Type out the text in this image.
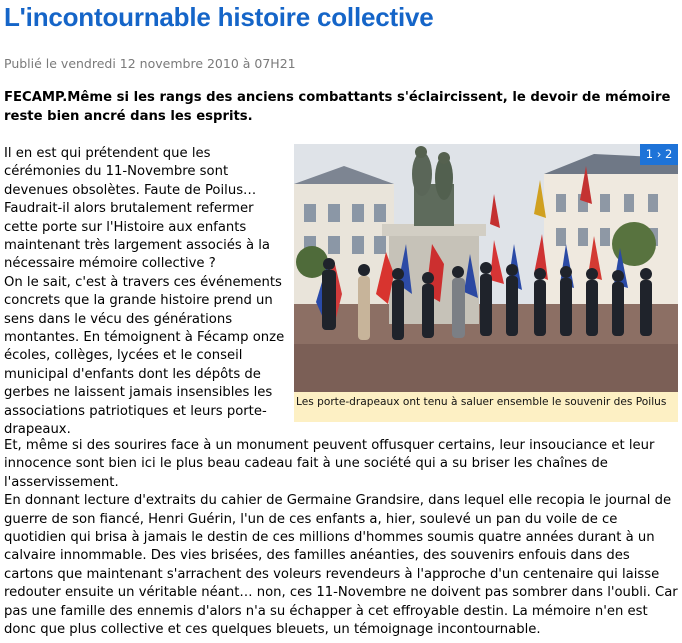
L'incontournable histoire collective
Publié le vendredi 12 novembre 2010 à 07H21

FECAMP.Même si les rangs des anciens combattants s'éclaircissent, le devoir de mémoire reste bien ancré dans les esprits.

Il en est qui prétendent que les cérémonies du 11-Novembre sont devenues obsolètes. Faute de Poilus… Faudrait-il alors brutalement refermer cette porte sur l'Histoire aux enfants maintenant très largement associés à la nécessaire mémoire collective ?
On le sait, c'est à travers ces événements concrets que la grande histoire prend un sens dans le vécu des générations montantes. En témoignent à Fécamp onze écoles, collèges, lycées et le conseil municipal d'enfants dont les dépôts de gerbes ne laissent jamais insensibles les associations patriotiques et leurs porte-drapeaux.
1 › 2
Les porte-drapeaux ont tenu à saluer ensemble le souvenir des Poilus
Et, même si des sourires face à un monument peuvent offusquer certains, leur insouciance et leur innocence sont bien ici le plus beau cadeau fait à une société qui a su briser les chaînes de l'asservissement.
En donnant lecture d'extraits du cahier de Germaine Grandsire, dans lequel elle recopia le journal de guerre de son fiancé, Henri Guérin, l'un de ces enfants a, hier, soulevé un pan du voile de ce quotidien qui brisa à jamais le destin de ces millions d'hommes soumis quatre années durant à un calvaire innommable. Des vies brisées, des familles anéanties, des souvenirs enfouis dans des cartons que maintenant s'arrachent des voleurs revendeurs à l'approche d'un centenaire qui laisse redouter ensuite un véritable néant… non, ces 11-Novembre ne doivent pas sombrer dans l'oubli. Car pas une famille des ennemis d'alors n'a su échapper à cet effroyable destin. La mémoire n'en est donc que plus collective et ces quelques bleuets, un témoignage incontournable.
